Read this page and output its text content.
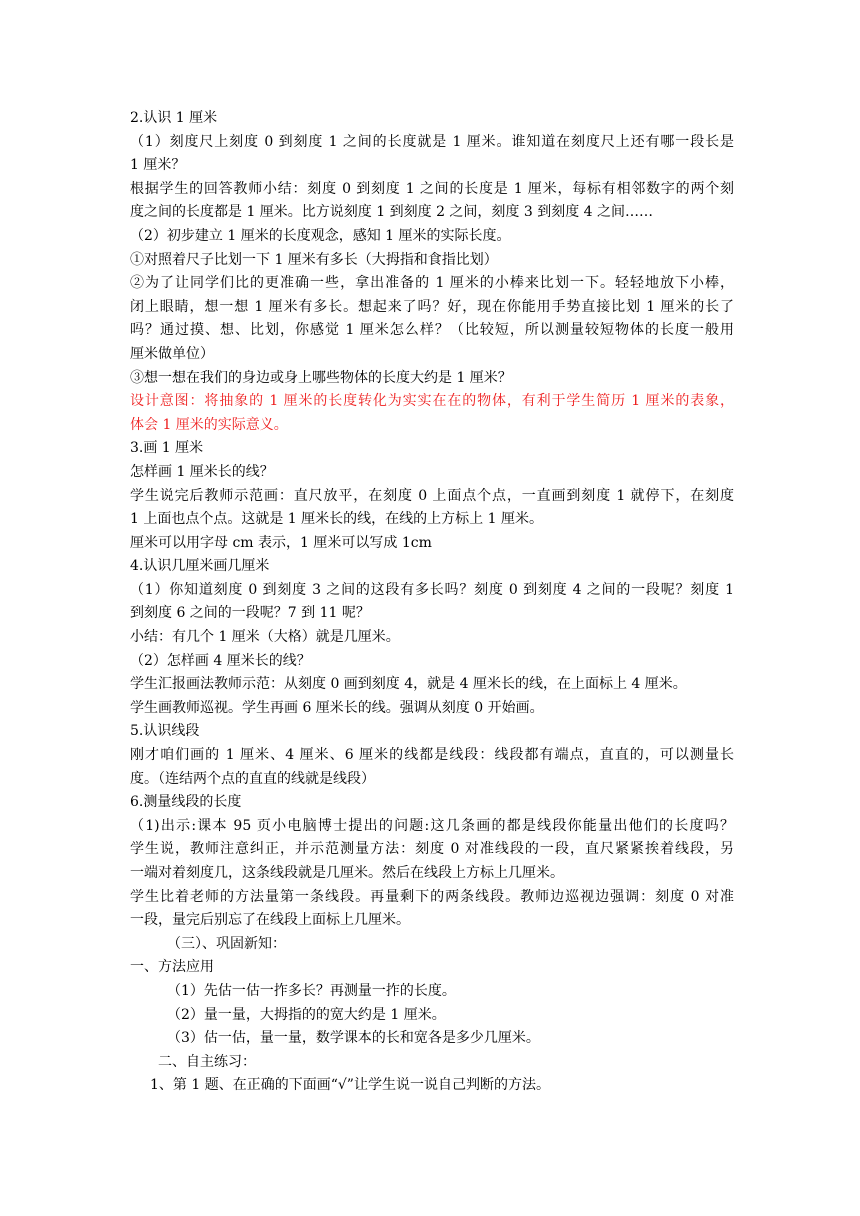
2.认识 1 厘米
（1）刻度尺上刻度 0 到刻度 1 之间的长度就是 1 厘米。谁知道在刻度尺上还有哪一段长是
1 厘米？
根据学生的回答教师小结：刻度 0 到刻度 1 之间的长度是 1 厘米，每标有相邻数字的两个刻
度之间的长度都是 1 厘米。比方说刻度 1 到刻度 2 之间，刻度 3 到刻度 4 之间……
（2）初步建立 1 厘米的长度观念，感知 1 厘米的实际长度。
①对照着尺子比划一下 1 厘米有多长（大拇指和食指比划）
②为了让同学们比的更准确一些，拿出准备的 1 厘米的小棒来比划一下。轻轻地放下小棒，
闭上眼睛，想一想 1 厘米有多长。想起来了吗？好，现在你能用手势直接比划 1 厘米的长了
吗？通过摸、想、比划，你感觉 1 厘米怎么样？（比较短，所以测量较短物体的长度一般用
厘米做单位）
③想一想在我们的身边或身上哪些物体的长度大约是 1 厘米？
设计意图：将抽象的 1 厘米的长度转化为实实在在的物体，有利于学生简历 1 厘米的表象，
体会 1 厘米的实际意义。
3.画 1 厘米
怎样画 1 厘米长的线？
学生说完后教师示范画：直尺放平，在刻度 0 上面点个点，一直画到刻度 1 就停下，在刻度
1 上面也点个点。这就是 1 厘米长的线，在线的上方标上 1 厘米。
厘米可以用字母 cm 表示，1 厘米可以写成 1cm
4.认识几厘米画几厘米
（1）你知道刻度 0 到刻度 3 之间的这段有多长吗？刻度 0 到刻度 4 之间的一段呢？刻度 1
到刻度 6 之间的一段呢？7 到 11 呢？
小结：有几个 1 厘米（大格）就是几厘米。
（2）怎样画 4 厘米长的线？
学生汇报画法教师示范：从刻度 0 画到刻度 4，就是 4 厘米长的线，在上面标上 4 厘米。
学生画教师巡视。学生再画 6 厘米长的线。强调从刻度 0 开始画。
5.认识线段
刚才咱们画的 1 厘米、4 厘米、6 厘米的线都是线段：线段都有端点，直直的，可以测量长
度。（连结两个点的直直的线就是线段）
6.测量线段的长度
（1)出示:课本 95 页小电脑博士提出的问题:这几条画的都是线段你能量出他们的长度吗？
学生说，教师注意纠正，并示范测量方法：刻度 0 对准线段的一段，直尺紧紧挨着线段，另
一端对着刻度几，这条线段就是几厘米。然后在线段上方标上几厘米。
学生比着老师的方法量第一条线段。再量剩下的两条线段。教师边巡视边强调：刻度 0 对准
一段，量完后别忘了在线段上面标上几厘米。
（三）、巩固新知：
一、方法应用
（1）先估一估一拃多长？再测量一拃的长度。
（2）量一量，大拇指的的宽大约是 1 厘米。
（3）估一估，量一量，数学课本的长和宽各是多少几厘米。
二、自主练习：
1、第 1 题、在正确的下面画“√”让学生说一说自己判断的方法。
